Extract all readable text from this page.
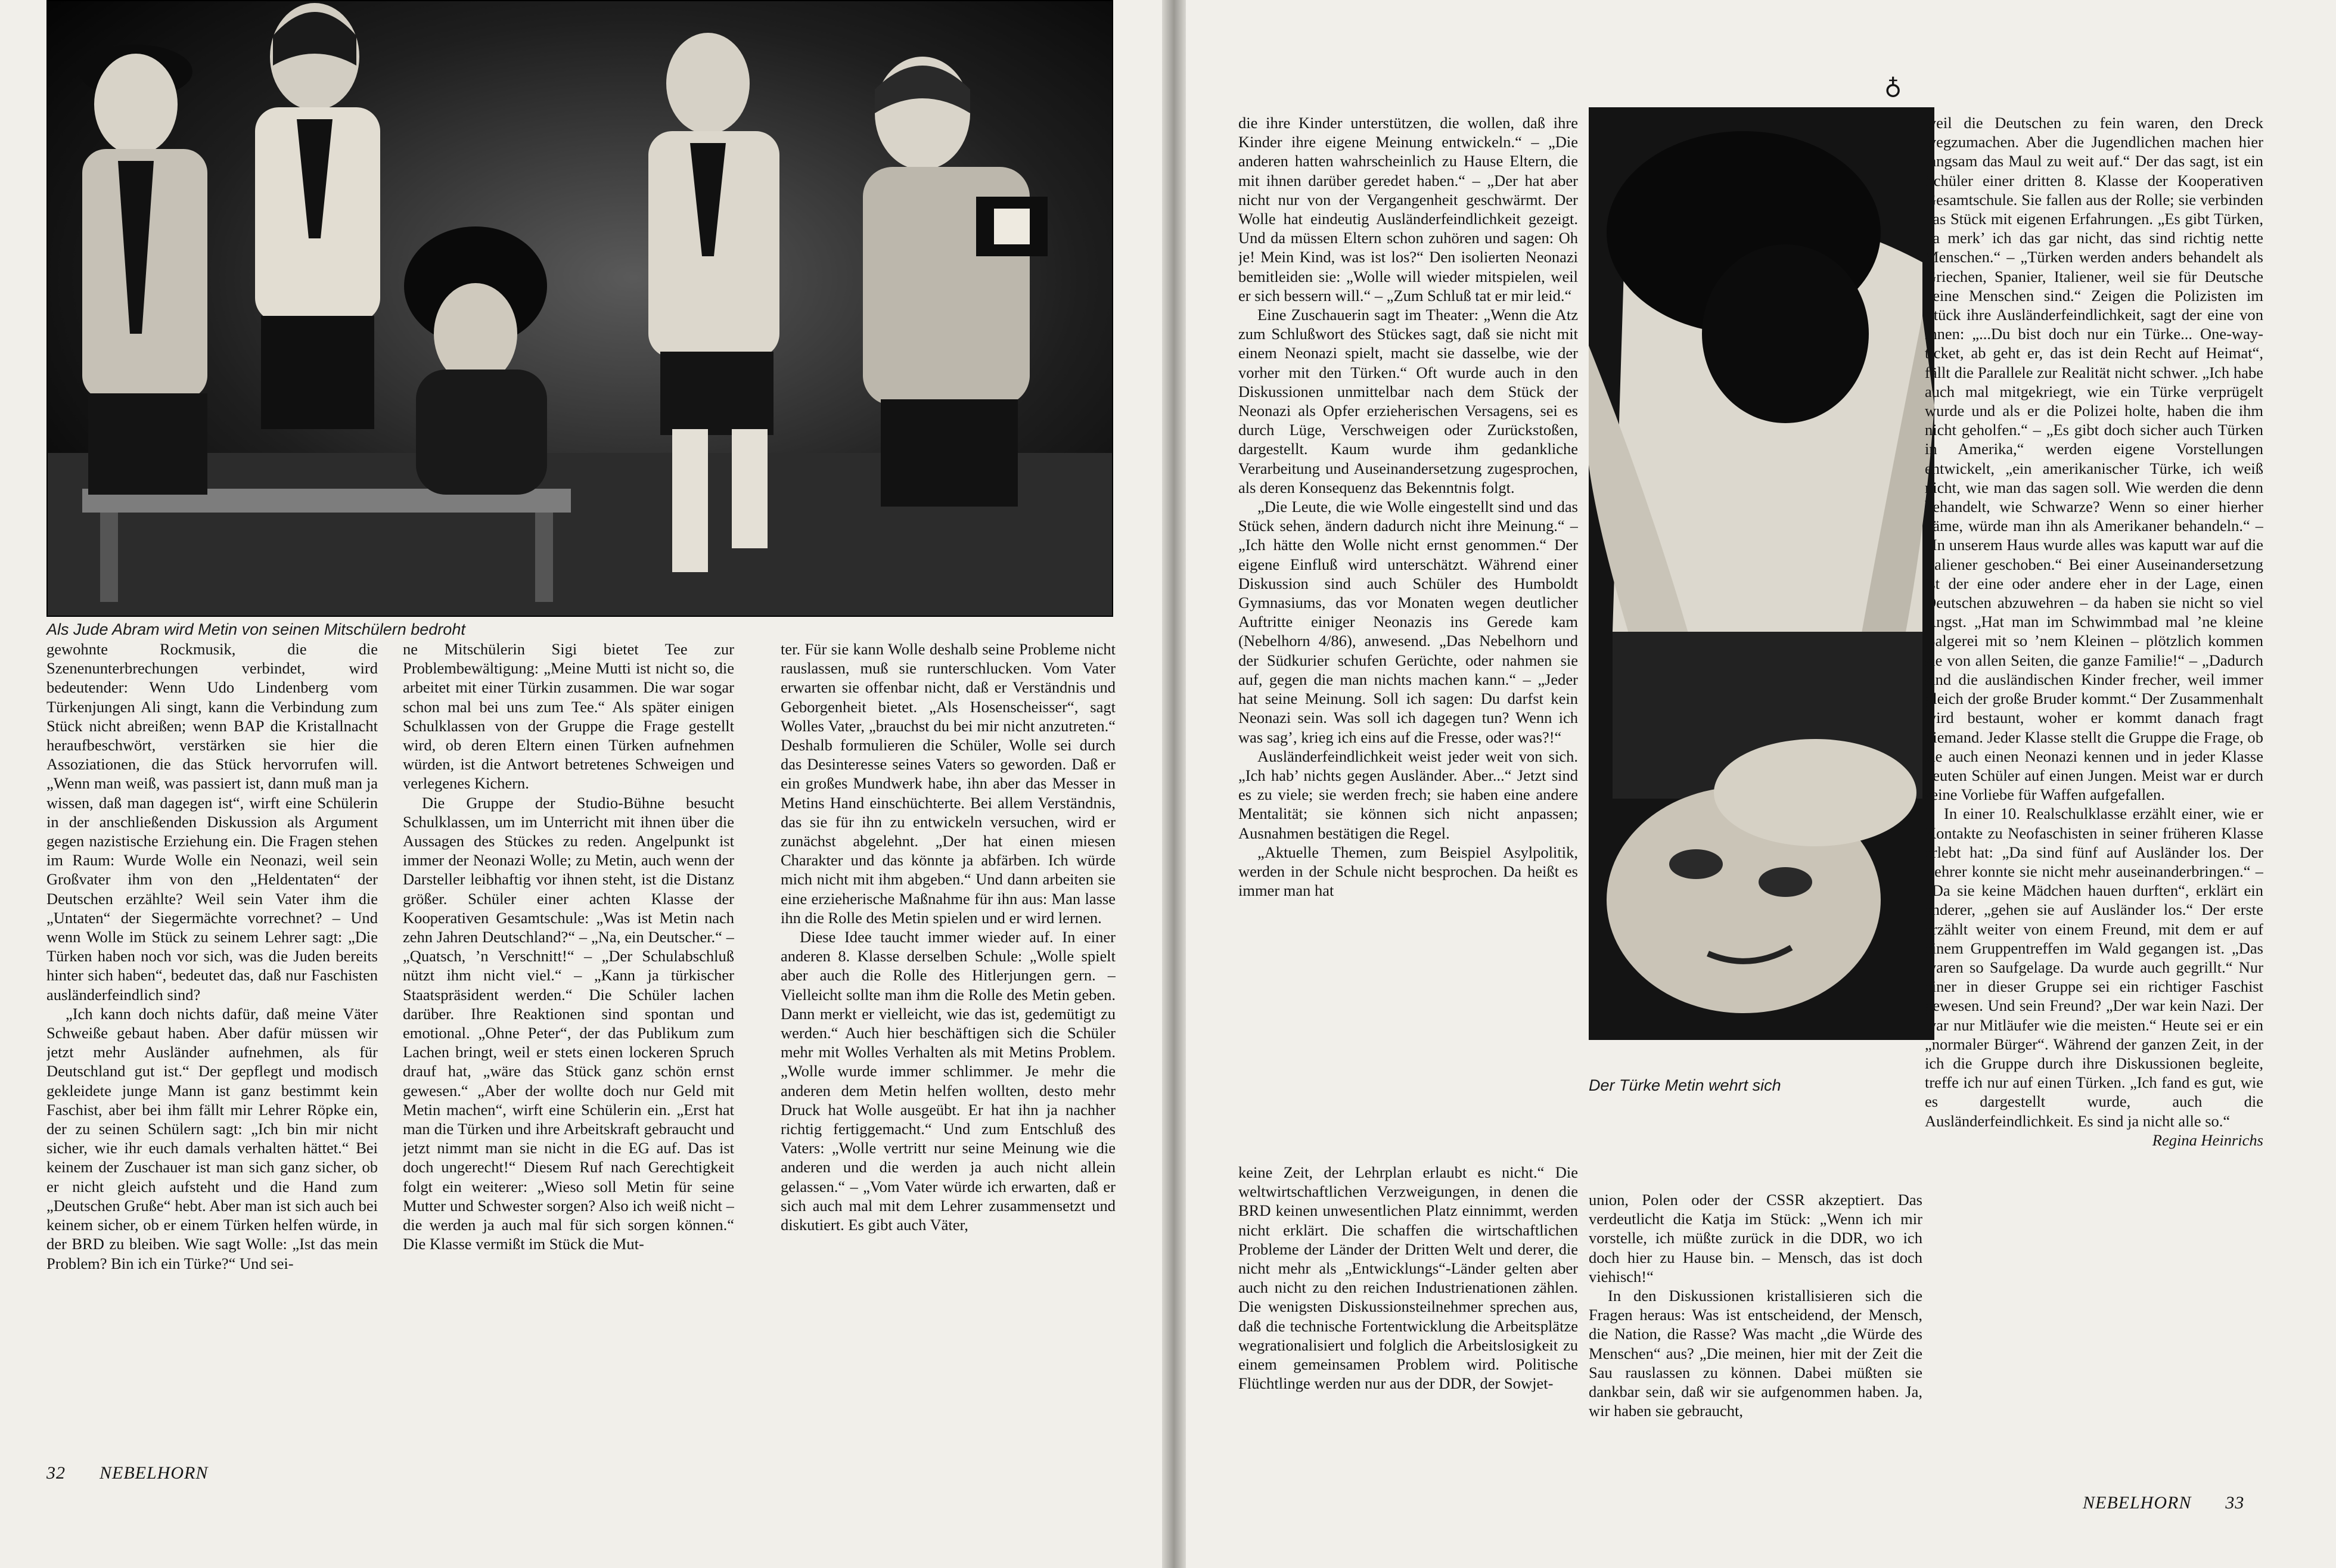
Als Jude Abram wird Metin von seinen Mitschülern bedroht

gewohnte Rockmusik, die die Szenenunterbrechungen verbindet, wird bedeutender: Wenn Udo Lindenberg vom Türkenjungen Ali singt, kann die Verbindung zum Stück nicht abreißen; wenn BAP die Kristallnacht heraufbeschwört, verstärken sie hier die Assoziationen, die das Stück hervorrufen will. „Wenn man weiß, was passiert ist, dann muß man ja wissen, daß man dagegen ist“, wirft eine Schülerin in der anschließenden Diskussion als Argument gegen nazistische Erziehung ein. Die Fragen stehen im Raum: Wurde Wolle ein Neonazi, weil sein Großvater ihm von den „Heldentaten“ der Deutschen erzählte? Weil sein Vater ihm die „Untaten“ der Siegermächte vorrechnet? – Und wenn Wolle im Stück zu seinem Lehrer sagt: „Die Türken haben noch vor sich, was die Juden bereits hinter sich haben“, bedeutet das, daß nur Faschisten ausländerfeindlich sind?

„Ich kann doch nichts dafür, daß meine Väter Schweiße gebaut haben. Aber dafür müssen wir jetzt mehr Ausländer aufnehmen, als für Deutschland gut ist.“ Der gepflegt und modisch gekleidete junge Mann ist ganz bestimmt kein Faschist, aber bei ihm fällt mir Lehrer Röpke ein, der zu seinen Schülern sagt: „Ich bin mir nicht sicher, wie ihr euch damals verhalten hättet.“ Bei keinem der Zuschauer ist man sich ganz sicher, ob er nicht gleich aufsteht und die Hand zum „Deutschen Gruße“ hebt. Aber man ist sich auch bei keinem sicher, ob er einem Türken helfen würde, in der BRD zu bleiben. Wie sagt Wolle: „Ist das mein Problem? Bin ich ein Türke?“ Und sei-

ne Mitschülerin Sigi bietet Tee zur Problembewältigung: „Meine Mutti ist nicht so, die arbeitet mit einer Türkin zusammen. Die war sogar schon mal bei uns zum Tee.“ Als später einigen Schulklassen von der Gruppe die Frage gestellt wird, ob deren Eltern einen Türken aufnehmen würden, ist die Antwort betretenes Schweigen und verlegenes Kichern.

Die Gruppe der Studio-Bühne besucht Schulklassen, um im Unterricht mit ihnen über die Aussagen des Stückes zu reden. Angelpunkt ist immer der Neonazi Wolle; zu Metin, auch wenn der Darsteller leibhaftig vor ihnen steht, ist die Distanz größer. Schüler einer achten Klasse der Kooperativen Gesamtschule: „Was ist Metin nach zehn Jahren Deutschland?“ – „Na, ein Deutscher.“ – „Quatsch, ’n Verschnitt!“ – „Der Schulabschluß nützt ihm nicht viel.“ – „Kann ja türkischer Staatspräsident werden.“ Die Schüler lachen darüber. Ihre Reaktionen sind spontan und emotional. „Ohne Peter“, der das Publikum zum Lachen bringt, weil er stets einen lockeren Spruch drauf hat, „wäre das Stück ganz schön ernst gewesen.“ „Aber der wollte doch nur Geld mit Metin machen“, wirft eine Schülerin ein. „Erst hat man die Türken und ihre Arbeitskraft gebraucht und jetzt nimmt man sie nicht in die EG auf. Das ist doch ungerecht!“ Diesem Ruf nach Gerechtigkeit folgt ein weiterer: „Wieso soll Metin für seine Mutter und Schwester sorgen? Also ich weiß nicht – die werden ja auch mal für sich sorgen können.“ Die Klasse vermißt im Stück die Mut-

ter. Für sie kann Wolle deshalb seine Probleme nicht rauslassen, muß sie runterschlucken. Vom Vater erwarten sie offenbar nicht, daß er Verständnis und Geborgenheit bietet. „Als Hosenscheisser“, sagt Wolles Vater, „brauchst du bei mir nicht anzutreten.“ Deshalb formulieren die Schüler, Wolle sei durch das Desinteresse seines Vaters so geworden. Daß er ein großes Mundwerk habe, ihn aber das Messer in Metins Hand einschüchterte. Bei allem Verständnis, das sie für ihn zu entwickeln versuchen, wird er zunächst abgelehnt. „Der hat einen miesen Charakter und das könnte ja abfärben. Ich würde mich nicht mit ihm abgeben.“ Und dann arbeiten sie eine erzieherische Maßnahme für ihn aus: Man lasse ihn die Rolle des Metin spielen und er wird lernen.

Diese Idee taucht immer wieder auf. In einer anderen 8. Klasse derselben Schule: „Wolle spielt aber auch die Rolle des Hitlerjungen gern. – Vielleicht sollte man ihm die Rolle des Metin geben. Dann merkt er vielleicht, wie das ist, gedemütigt zu werden.“ Auch hier beschäftigen sich die Schüler mehr mit Wolles Verhalten als mit Metins Problem. „Wolle wurde immer schlimmer. Je mehr die anderen dem Metin helfen wollten, desto mehr Druck hat Wolle ausgeübt. Er hat ihn ja nachher richtig fertiggemacht.“ Und zum Entschluß des Vaters: „Wolle vertritt nur seine Meinung wie die anderen und die werden ja auch nicht allein gelassen.“ – „Vom Vater würde ich erwarten, daß er sich auch mal mit dem Lehrer zusammensetzt und diskutiert. Es gibt auch Väter,

32 NEBELHORN
♁

die ihre Kinder unterstützen, die wollen, daß ihre Kinder ihre eigene Meinung entwickeln.“ – „Die anderen hatten wahrscheinlich zu Hause Eltern, die mit ihnen darüber geredet haben.“ – „Der hat aber nicht nur von der Vergangenheit geschwärmt. Der Wolle hat eindeutig Ausländerfeindlichkeit gezeigt. Und da müssen Eltern schon zuhören und sagen: Oh je! Mein Kind, was ist los?“ Den isolierten Neonazi bemitleiden sie: „Wolle will wieder mitspielen, weil er sich bessern will.“ – „Zum Schluß tat er mir leid.“

Eine Zuschauerin sagt im Theater: „Wenn die Atz zum Schlußwort des Stückes sagt, daß sie nicht mit einem Neonazi spielt, macht sie dasselbe, wie der vorher mit den Türken.“ Oft wurde auch in den Diskussionen unmittelbar nach dem Stück der Neonazi als Opfer erzieherischen Versagens, sei es durch Lüge, Verschweigen oder Zurückstoßen, dargestellt. Kaum wurde ihm gedankliche Verarbeitung und Auseinandersetzung zugesprochen, als deren Konsequenz das Bekenntnis folgt.

„Die Leute, die wie Wolle eingestellt sind und das Stück sehen, ändern dadurch nicht ihre Meinung.“ – „Ich hätte den Wolle nicht ernst genommen.“ Der eigene Einfluß wird unterschätzt. Während einer Diskussion sind auch Schüler des Humboldt Gymnasiums, das vor Monaten wegen deutlicher Auftritte einiger Neonazis ins Gerede kam (Nebelhorn 4/86), anwesend. „Das Nebelhorn und der Südkurier schufen Gerüchte, oder nahmen sie auf, gegen die man nichts machen kann.“ – „Jeder hat seine Meinung. Soll ich sagen: Du darfst kein Neonazi sein. Was soll ich dagegen tun? Wenn ich was sag’, krieg ich eins auf die Fresse, oder was?!“

Ausländerfeindlichkeit weist jeder weit von sich. „Ich hab’ nichts gegen Ausländer. Aber...“ Jetzt sind es zu viele; sie werden frech; sie haben eine andere Mentalität; sie können sich nicht anpassen; Ausnahmen bestätigen die Regel.

„Aktuelle Themen, zum Beispiel Asylpolitik, werden in der Schule nicht besprochen. Da heißt es immer man hat

Der Türke Metin wehrt sich

keine Zeit, der Lehrplan erlaubt es nicht.“ Die weltwirtschaftlichen Verzweigungen, in denen die BRD keinen unwesentlichen Platz einnimmt, werden nicht erklärt. Die schaffen die wirtschaftlichen Probleme der Länder der Dritten Welt und derer, die nicht mehr als „Entwicklungs“-Länder gelten aber auch nicht zu den reichen Industrienationen zählen. Die wenigsten Diskussionsteilnehmer sprechen aus, daß die technische Fortentwicklung die Arbeitsplätze wegrationalisiert und folglich die Arbeitslosigkeit zu einem gemeinsamen Problem wird. Politische Flüchtlinge werden nur aus der DDR, der Sowjet-

union, Polen oder der CSSR akzeptiert. Das verdeutlicht die Katja im Stück: „Wenn ich mir vorstelle, ich müßte zurück in die DDR, wo ich doch hier zu Hause bin. – Mensch, das ist doch viehisch!“

In den Diskussionen kristallisieren sich die Fragen heraus: Was ist entscheidend, der Mensch, die Nation, die Rasse? Was macht „die Würde des Menschen“ aus? „Die meinen, hier mit der Zeit die Sau rauslassen zu können. Dabei müßten sie dankbar sein, daß wir sie aufgenommen haben. Ja, wir haben sie gebraucht,

weil die Deutschen zu fein waren, den Dreck wegzumachen. Aber die Jugendlichen machen hier langsam das Maul zu weit auf.“ Der das sagt, ist ein Schüler einer dritten 8. Klasse der Kooperativen Gesamtschule. Sie fallen aus der Rolle; sie verbinden das Stück mit eigenen Erfahrungen. „Es gibt Türken, da merk’ ich das gar nicht, das sind richtig nette Menschen.“ – „Türken werden anders behandelt als Griechen, Spanier, Italiener, weil sie für Deutsche keine Menschen sind.“ Zeigen die Polizisten im Stück ihre Ausländerfeindlichkeit, sagt der eine von ihnen: „...Du bist doch nur ein Türke... One-way-ticket, ab geht er, das ist dein Recht auf Heimat“, fällt die Parallele zur Realität nicht schwer. „Ich habe auch mal mitgekriegt, wie ein Türke verprügelt wurde und als er die Polizei holte, haben die ihm nicht geholfen.“ – „Es gibt doch sicher auch Türken in Amerika,“ werden eigene Vorstellungen entwickelt, „ein amerikanischer Türke, ich weiß nicht, wie man das sagen soll. Wie werden die denn behandelt, wie Schwarze? Wenn so einer hierher käme, würde man ihn als Amerikaner behandeln.“ – „In unserem Haus wurde alles was kaputt war auf die Italiener geschoben.“ Bei einer Auseinandersetzung ist der eine oder andere eher in der Lage, einen Deutschen abzuwehren – da haben sie nicht so viel Angst. „Hat man im Schwimmbad mal ’ne kleine Balgerei mit so ’nem Kleinen – plötzlich kommen sie von allen Seiten, die ganze Familie!“ – „Dadurch sind die ausländischen Kinder frecher, weil immer gleich der große Bruder kommt.“ Der Zusammenhalt wird bestaunt, woher er kommt danach fragt niemand. Jeder Klasse stellt die Gruppe die Frage, ob sie auch einen Neonazi kennen und in jeder Klasse deuten Schüler auf einen Jungen. Meist war er durch seine Vorliebe für Waffen aufgefallen.

In einer 10. Realschulklasse erzählt einer, wie er Kontakte zu Neofaschisten in seiner früheren Klasse erlebt hat: „Da sind fünf auf Ausländer los. Der Lehrer konnte sie nicht mehr auseinanderbringen.“ – „Da sie keine Mädchen hauen durften“, erklärt ein anderer, „gehen sie auf Ausländer los.“ Der erste erzählt weiter von einem Freund, mit dem er auf einem Gruppentreffen im Wald gegangen ist. „Das waren so Saufgelage. Da wurde auch gegrillt.“ Nur einer in dieser Gruppe sei ein richtiger Faschist gewesen. Und sein Freund? „Der war kein Nazi. Der war nur Mitläufer wie die meisten.“ Heute sei er ein „normaler Bürger“. Während der ganzen Zeit, in der ich die Gruppe durch ihre Diskussionen begleite, treffe ich nur auf einen Türken. „Ich fand es gut, wie es dargestellt wurde, auch die Ausländerfeindlichkeit. Es sind ja nicht alle so.“

Regina Heinrichs

NEBELHORN 33
